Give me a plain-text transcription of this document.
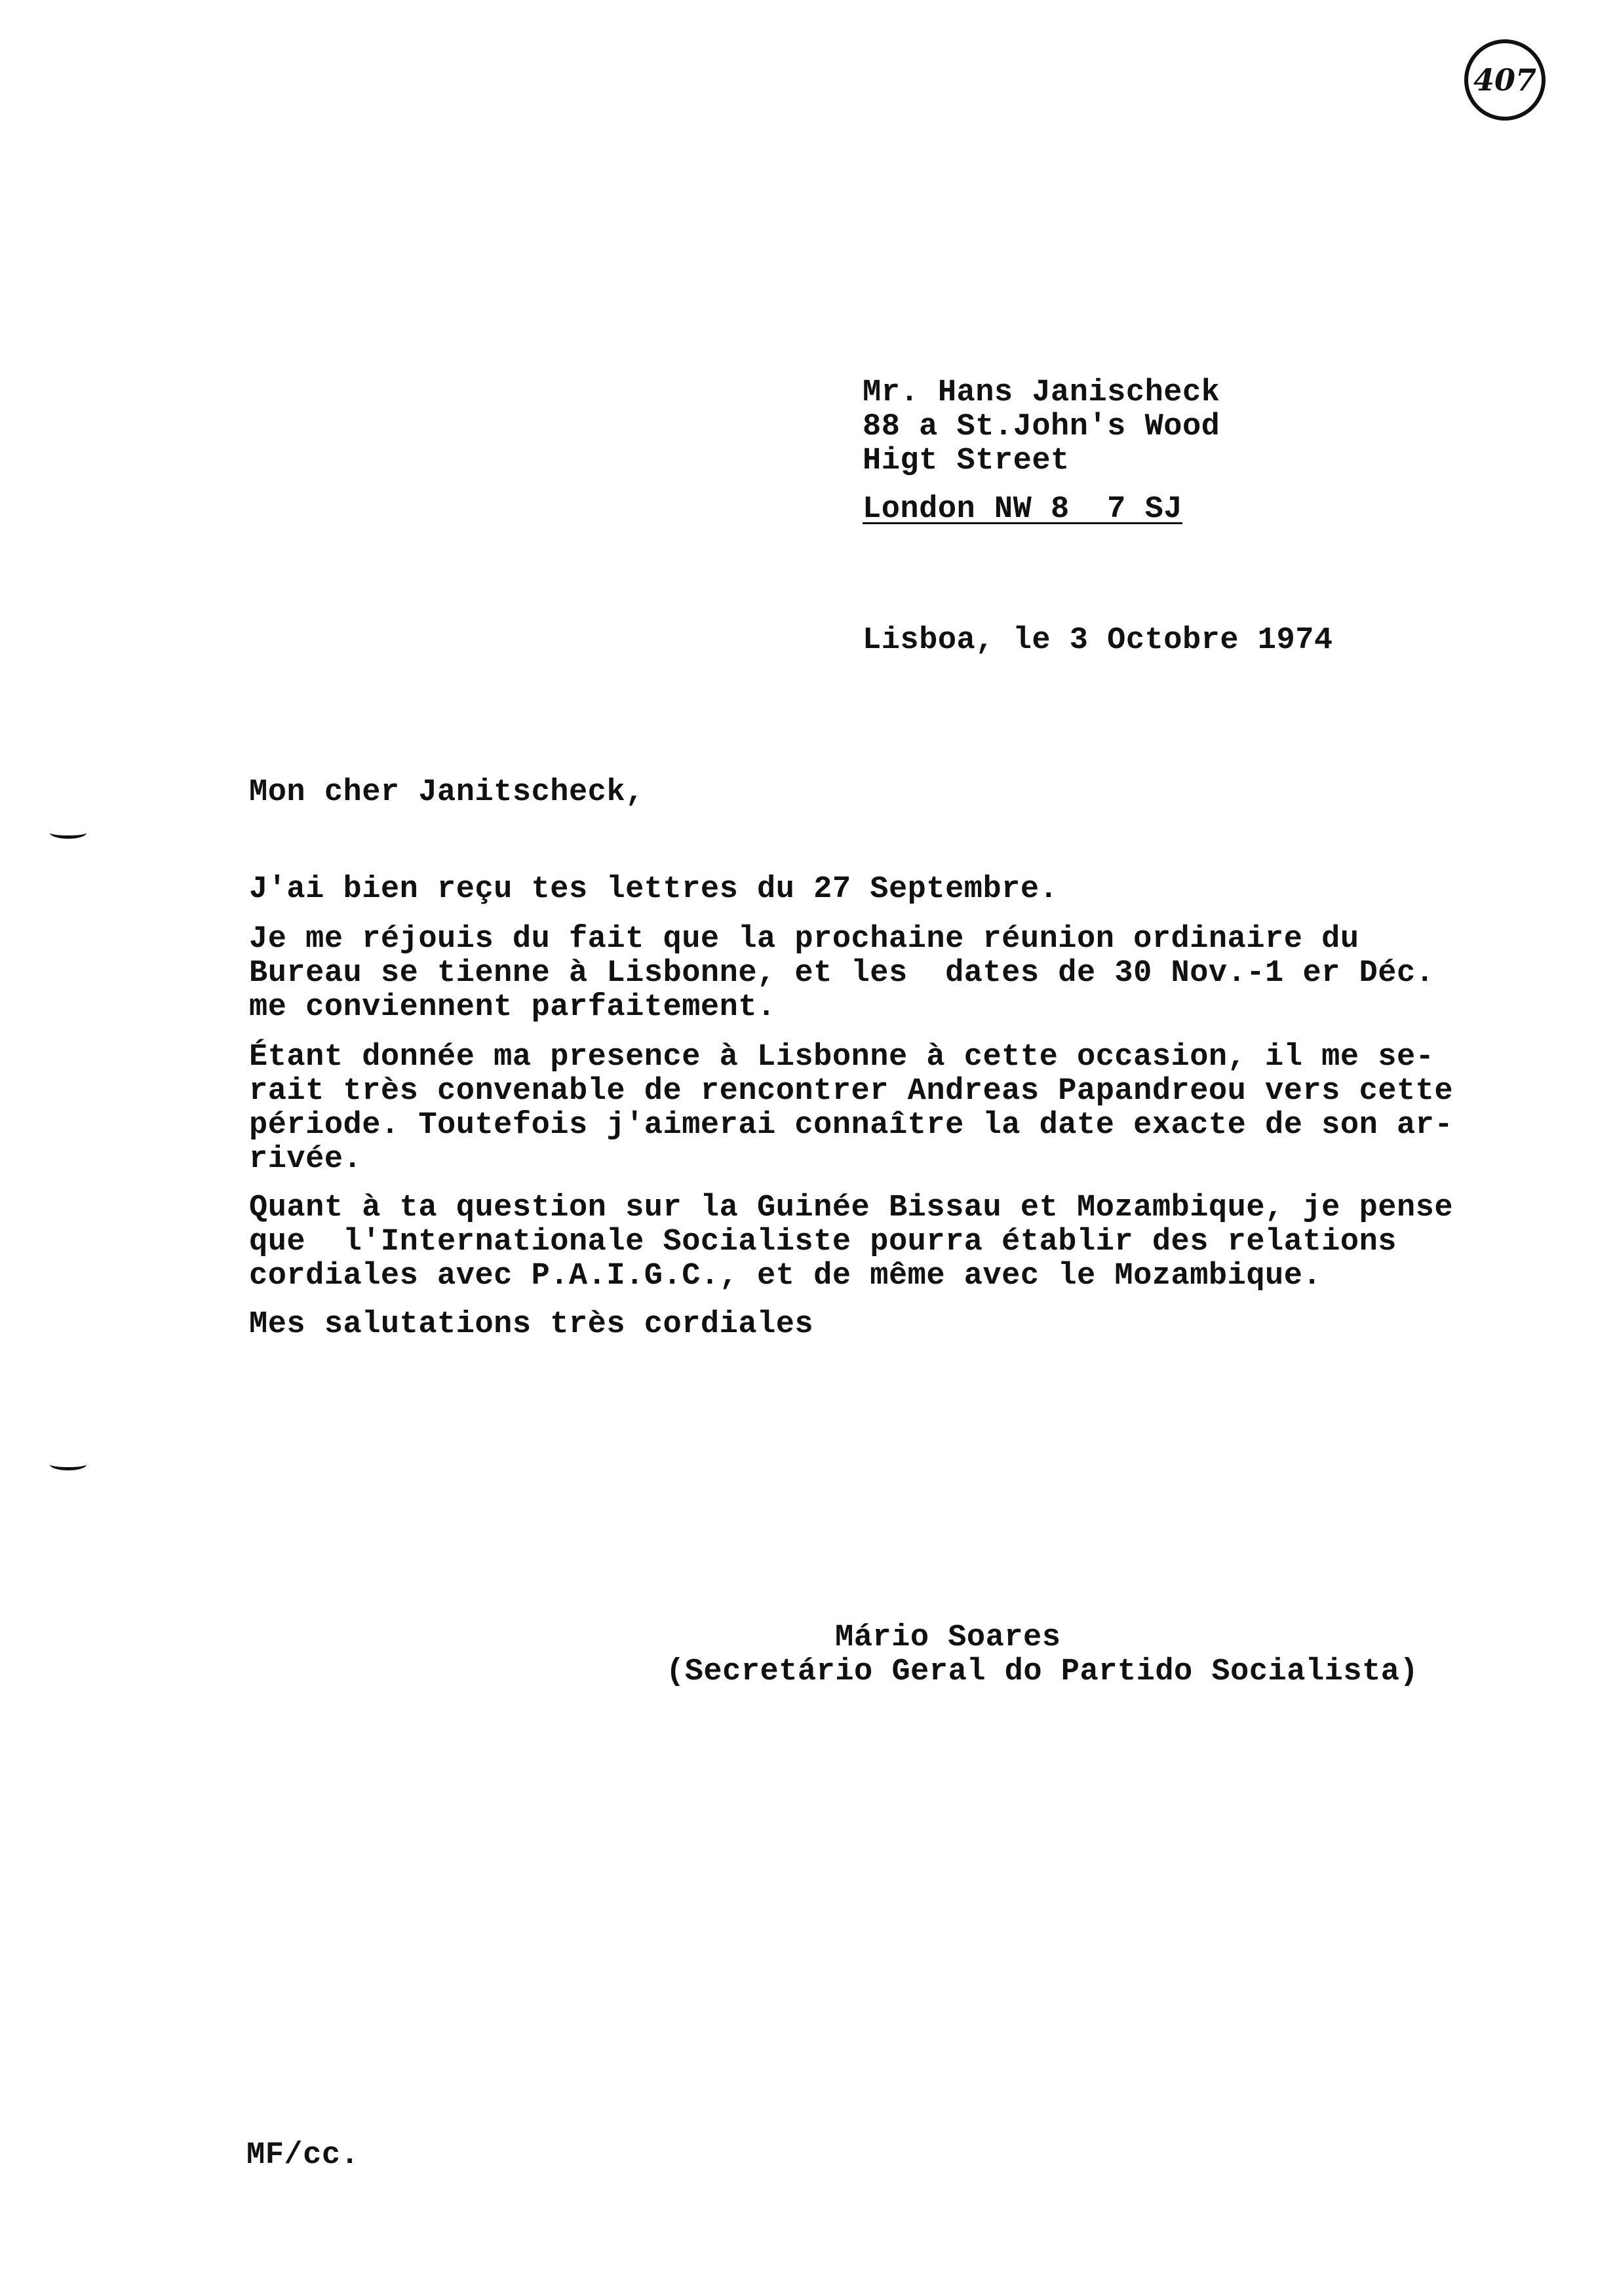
407
Mr. Hans Janischeck
88 a St.John's Wood
Higt Street
London NW 8  7 SJ
Lisboa, le 3 Octobre 1974
Mon cher Janitscheck,
J'ai bien reçu tes lettres du 27 Septembre.
Je me réjouis du fait que la prochaine réunion ordinaire du
Bureau se tienne à Lisbonne, et les  dates de 30 Nov.-1 er Déc.
me conviennent parfaitement.
Étant donnée ma presence à Lisbonne à cette occasion, il me se-
rait très convenable de rencontrer Andreas Papandreou vers cette
période. Toutefois j'aimerai connaître la date exacte de son ar-
rivée.
Quant à ta question sur la Guinée Bissau et Mozambique, je pense
que  l'Internationale Socialiste pourra établir des relations
cordiales avec P.A.I.G.C., et de même avec le Mozambique.
Mes salutations très cordiales
Mário Soares
(Secretário Geral do Partido Socialista)
MF/cc.
